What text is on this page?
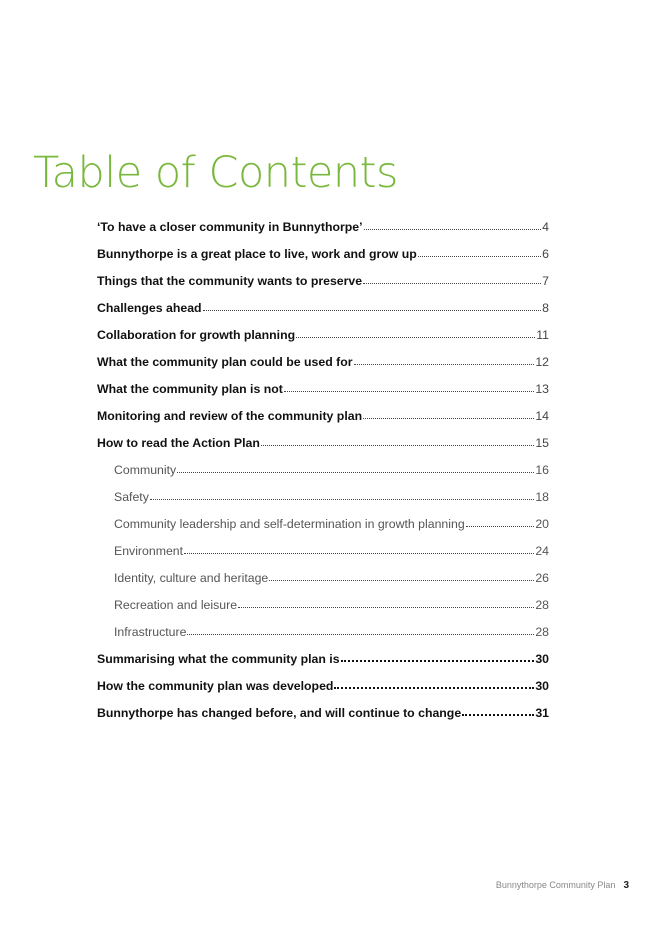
Table of Contents
‘To have a closer community in Bunnythorpe’	4
Bunnythorpe is a great place to live, work and grow up	6
Things that the community wants to preserve	7
Challenges ahead	8
Collaboration for growth planning	11
What the community plan could be used for	12
What the community plan is not	13
Monitoring and review of the community plan	14
How to read the Action Plan	15
Community	16
Safety	18
Community leadership and self-determination in growth planning	20
Environment	24
Identity, culture and heritage	26
Recreation and leisure	28
Infrastructure	28
Summarising what the community plan is	30
How the community plan was developed	30
Bunnythorpe has changed before, and will continue to change	31
Bunnythorpe Community Plan 3
